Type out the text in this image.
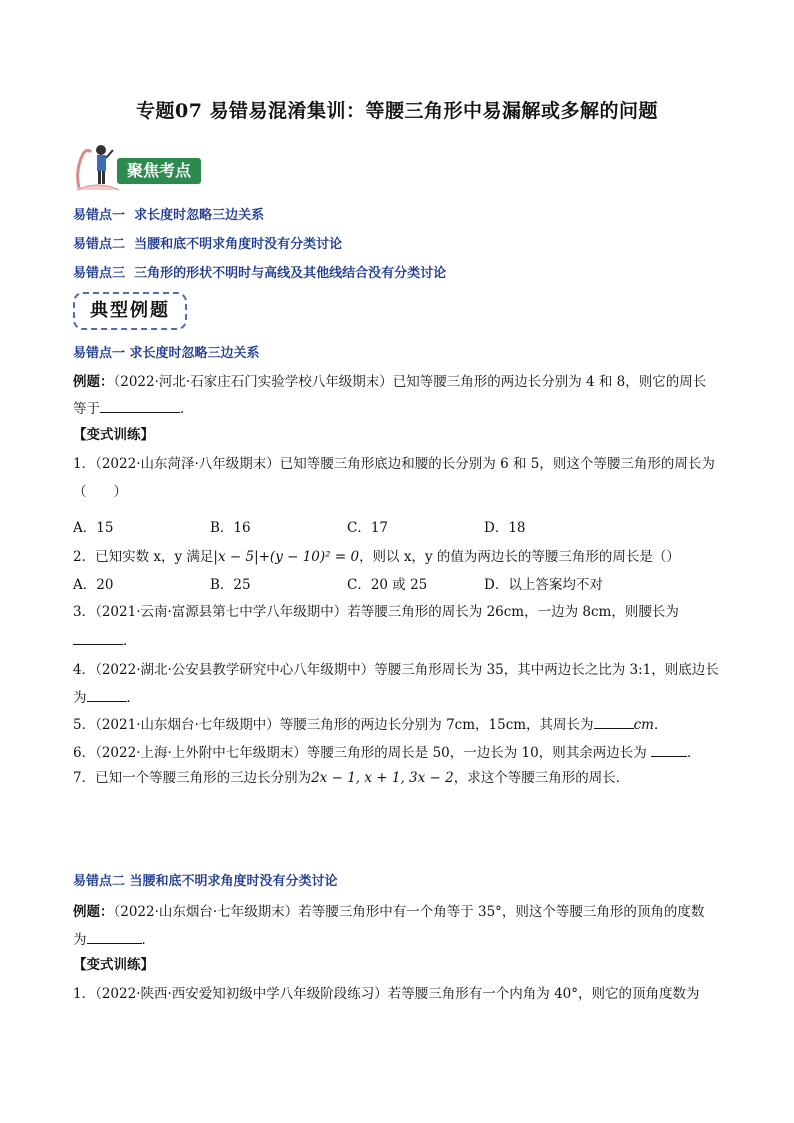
专题07 易错易混淆集训：等腰三角形中易漏解或多解的问题
聚焦考点
易错点一 求长度时忽略三边关系
易错点二 当腰和底不明求角度时没有分类讨论
易错点三 三角形的形状不明时与高线及其他线结合没有分类讨论
典型例题
易错点一 求长度时忽略三边关系
例题：（2022·河北·石家庄石门实验学校八年级期末）已知等腰三角形的两边长分别为 4 和 8，则它的周长
等于	．
【变式训练】
1．（2022·山东菏泽·八年级期末）已知等腰三角形底边和腰的长分别为 6 和 5，则这个等腰三角形的周长为
（　　）
A．15	B．16	C．17	D．18
2．已知实数 x，y 满足|x − 5|+(y − 10)² = 0，则以 x，y 的值为两边长的等腰三角形的周长是（）
A．20	B．25	C．20 或 25	D．以上答案均不对
3．（2021·云南·富源县第七中学八年级期中）若等腰三角形的周长为 26cm，一边为 8cm，则腰长为
．
4．（2022·湖北·公安县教学研究中心八年级期中）等腰三角形周长为 35，其中两边长之比为 3:1，则底边长
为	．
5．（2021·山东烟台·七年级期中）等腰三角形的两边长分别为 7cm，15cm，其周长为	cm．
6．（2022·上海·上外附中七年级期末）等腰三角形的周长是 50，一边长为 10，则其余两边长为	．
7．已知一个等腰三角形的三边长分别为2x − 1, x + 1, 3x − 2，求这个等腰三角形的周长．
易错点二 当腰和底不明求角度时没有分类讨论
例题：（2022·山东烟台·七年级期末）若等腰三角形中有一个角等于 35°，则这个等腰三角形的顶角的度数
为	．
【变式训练】
1．（2022·陕西·西安爱知初级中学八年级阶段练习）若等腰三角形有一个内角为 40°，则它的顶角度数为
